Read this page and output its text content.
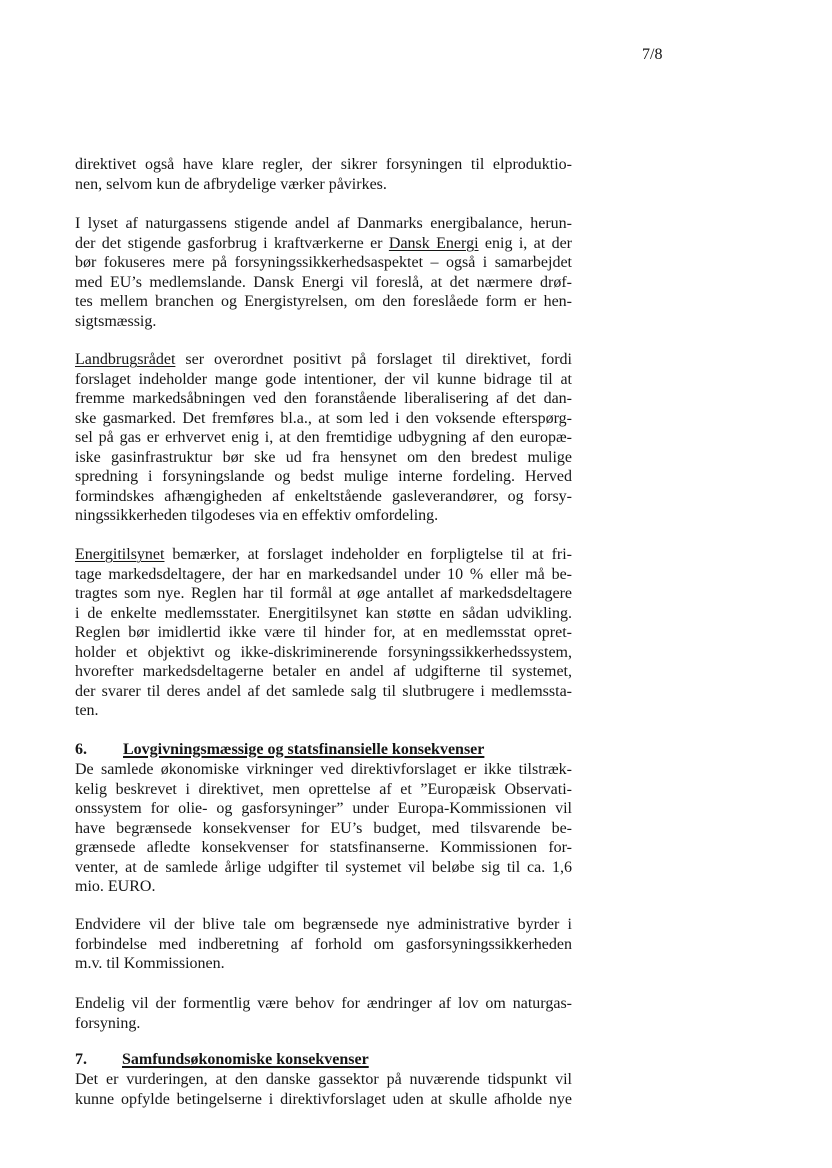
7/8
direktivet også have klare regler, der sikrer forsyningen til elproduktio-
nen, selvom kun de afbrydelige værker påvirkes.
I lyset af naturgassens stigende andel af Danmarks energibalance, herun-
der det stigende gasforbrug i kraftværkerne er Dansk Energi enig i, at der
bør fokuseres mere på forsyningssikkerhedsaspektet – også i samarbejdet
med EU’s medlemslande. Dansk Energi vil foreslå, at det nærmere drøf-
tes mellem branchen og Energistyrelsen, om den foreslåede form er hen-
sigtsmæssig.
Landbrugsrådet ser overordnet positivt på forslaget til direktivet, fordi
forslaget indeholder mange gode intentioner, der vil kunne bidrage til at
fremme markedsåbningen ved den foranstående liberalisering af det dan-
ske gasmarked. Det fremføres bl.a., at som led i den voksende efterspørg-
sel på gas er erhvervet enig i, at den fremtidige udbygning af den europæ-
iske gasinfrastruktur bør ske ud fra hensynet om den bredest mulige
spredning i forsyningslande og bedst mulige interne fordeling. Herved
formindskes afhængigheden af enkeltstående gasleverandører, og forsy-
ningssikkerheden tilgodeses via en effektiv omfordeling.
Energitilsynet bemærker, at forslaget indeholder en forpligtelse til at fri-
tage markedsdeltagere, der har en markedsandel under 10 % eller må be-
tragtes som nye. Reglen har til formål at øge antallet af markedsdeltagere
i de enkelte medlemsstater. Energitilsynet kan støtte en sådan udvikling.
Reglen bør imidlertid ikke være til hinder for, at en medlemsstat opret-
holder et objektivt og ikke-diskriminerende forsyningssikkerhedssystem,
hvorefter markedsdeltagerne betaler en andel af udgifterne til systemet,
der svarer til deres andel af det samlede salg til slutbrugere i medlemssta-
ten.
6. Lovgivningsmæssige og statsfinansielle konsekvenser
De samlede økonomiske virkninger ved direktivforslaget er ikke tilstræk-
kelig beskrevet i direktivet, men oprettelse af et ”Europæisk Observati-
onssystem for olie- og gasforsyninger” under Europa-Kommissionen vil
have begrænsede konsekvenser for EU’s budget, med tilsvarende be-
grænsede afledte konsekvenser for statsfinanserne. Kommissionen for-
venter, at de samlede årlige udgifter til systemet vil beløbe sig til ca. 1,6
mio. EURO.
Endvidere vil der blive tale om begrænsede nye administrative byrder i
forbindelse med indberetning af forhold om gasforsyningssikkerheden
m.v. til Kommissionen.
Endelig vil der formentlig være behov for ændringer af lov om naturgas-
forsyning.
7. Samfundsøkonomiske konsekvenser
Det er vurderingen, at den danske gassektor på nuværende tidspunkt vil
kunne opfylde betingelserne i direktivforslaget uden at skulle afholde nye
